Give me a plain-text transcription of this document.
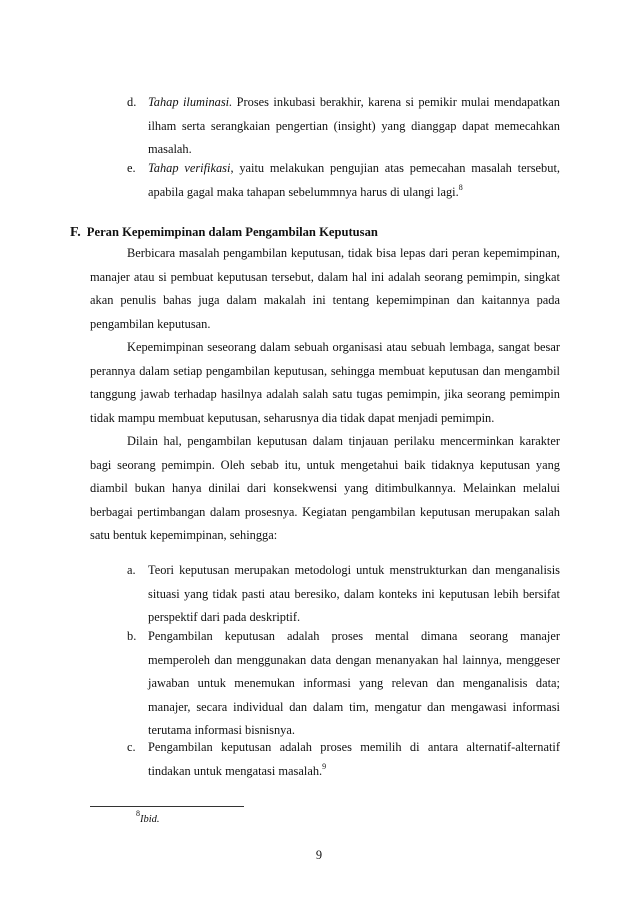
d. Tahap iluminasi. Proses inkubasi berakhir, karena si pemikir mulai mendapatkan ilham serta serangkaian pengertian (insight) yang dianggap dapat memecahkan masalah.

e. Tahap verifikasi, yaitu melakukan pengujian atas pemecahan masalah tersebut, apabila gagal maka tahapan sebelummnya harus di ulangi lagi.$^8$

F. Peran Kepemimpinan dalam Pengambilan Keputusan

Berbicara masalah pengambilan keputusan, tidak bisa lepas dari peran kepemimpinan, manajer atau si pembuat keputusan tersebut, dalam hal ini adalah seorang pemimpin, singkat akan penulis bahas juga dalam makalah ini tentang kepemimpinan dan kaitannya pada pengambilan keputusan.

Kepemimpinan seseorang dalam sebuah organisasi atau sebuah lembaga, sangat besar perannya dalam setiap pengambilan keputusan, sehingga membuat keputusan dan mengambil tanggung jawab terhadap hasilnya adalah salah satu tugas pemimpin, jika seorang pemimpin tidak mampu membuat keputusan, seharusnya dia tidak dapat menjadi pemimpin.

Dilain hal, pengambilan keputusan dalam tinjauan perilaku mencerminkan karakter bagi seorang pemimpin. Oleh sebab itu, untuk mengetahui baik tidaknya keputusan yang diambil bukan hanya dinilai dari konsekwensi yang ditimbulkannya. Melainkan melalui berbagai pertimbangan dalam prosesnya. Kegiatan pengambilan keputusan merupakan salah satu bentuk kepemimpinan, sehingga:

a. Teori keputusan merupakan metodologi untuk menstrukturkan dan menganalisis situasi yang tidak pasti atau beresiko, dalam konteks ini keputusan lebih bersifat perspektif dari pada deskriptif.

b. Pengambilan keputusan adalah proses mental dimana seorang manajer memperoleh dan menggunakan data dengan menanyakan hal lainnya, menggeser jawaban untuk menemukan informasi yang relevan dan menganalisis data; manajer, secara individual dan dalam tim, mengatur dan mengawasi informasi terutama informasi bisnisnya.

c. Pengambilan keputusan adalah proses memilih di antara alternatif-alternatif tindakan untuk mengatasi masalah.$^9$

$^8$Ibid.
9
